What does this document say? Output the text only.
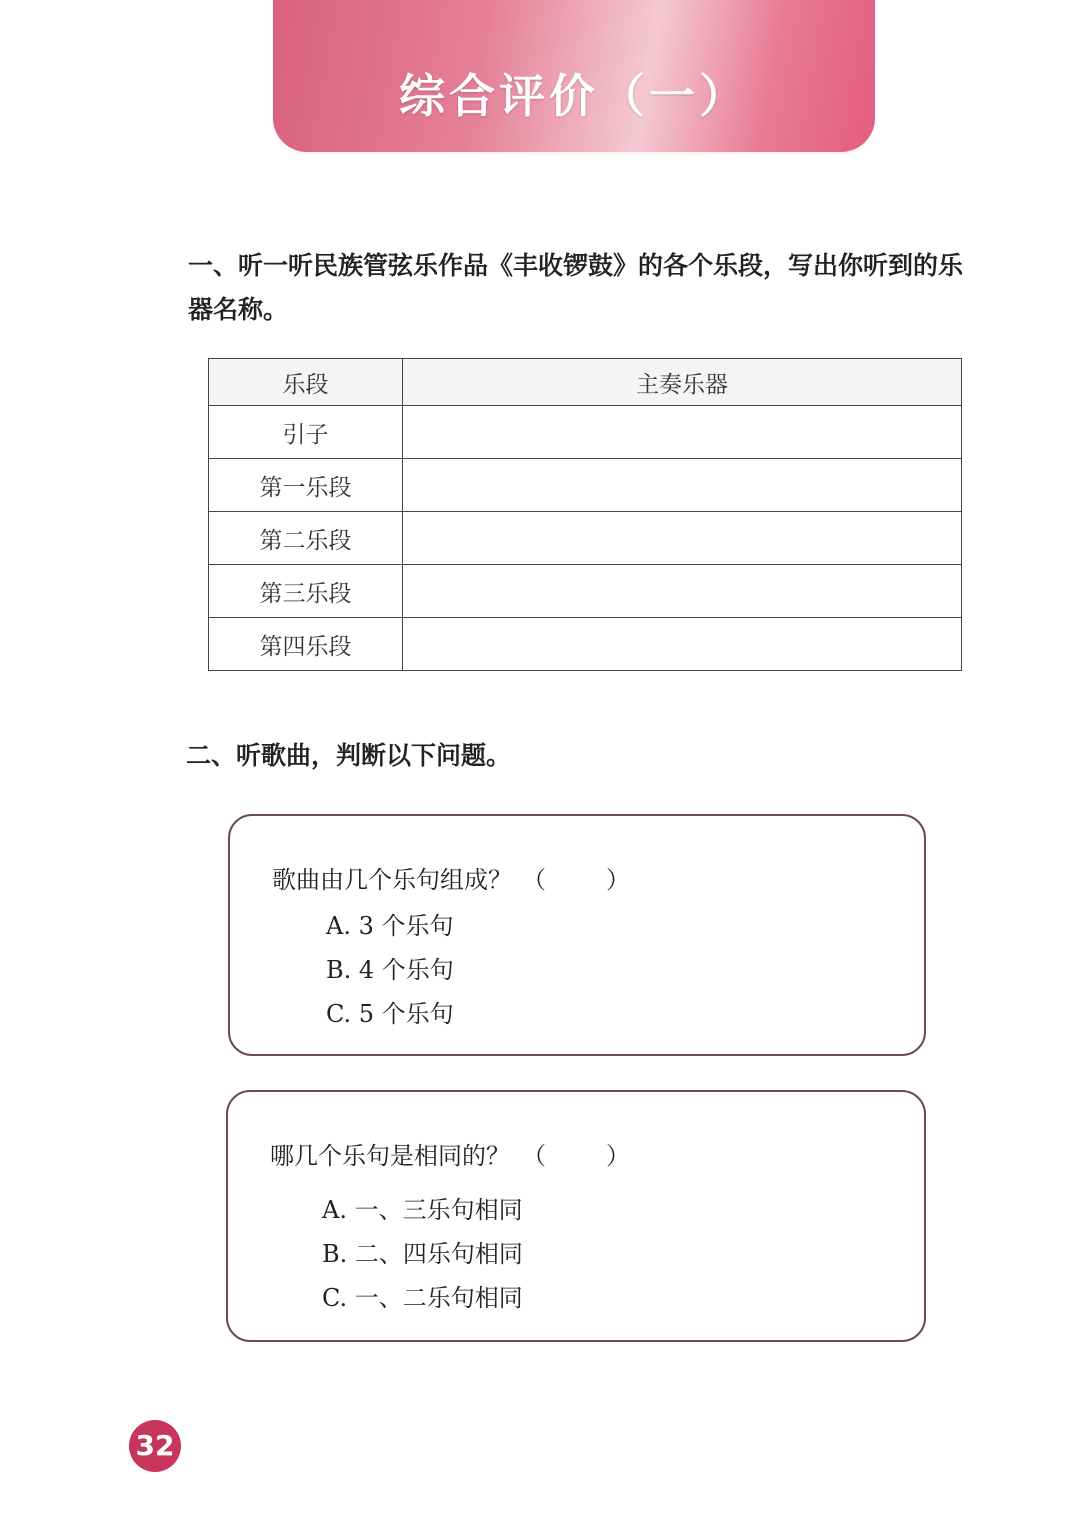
综合评价（一）
一、听一听民族管弦乐作品《丰收锣鼓》的各个乐段，写出你听到的乐器名称。
乐段	主奏乐器
引子	
第一乐段	
第二乐段	
第三乐段	
第四乐段	
二、听歌曲，判断以下问题。
歌曲由几个乐句组成？ （	）
A. 3 个乐句
B. 4 个乐句
C. 5 个乐句
哪几个乐句是相同的？ （	）
A. 一、三乐句相同
B. 二、四乐句相同
C. 一、二乐句相同
32
